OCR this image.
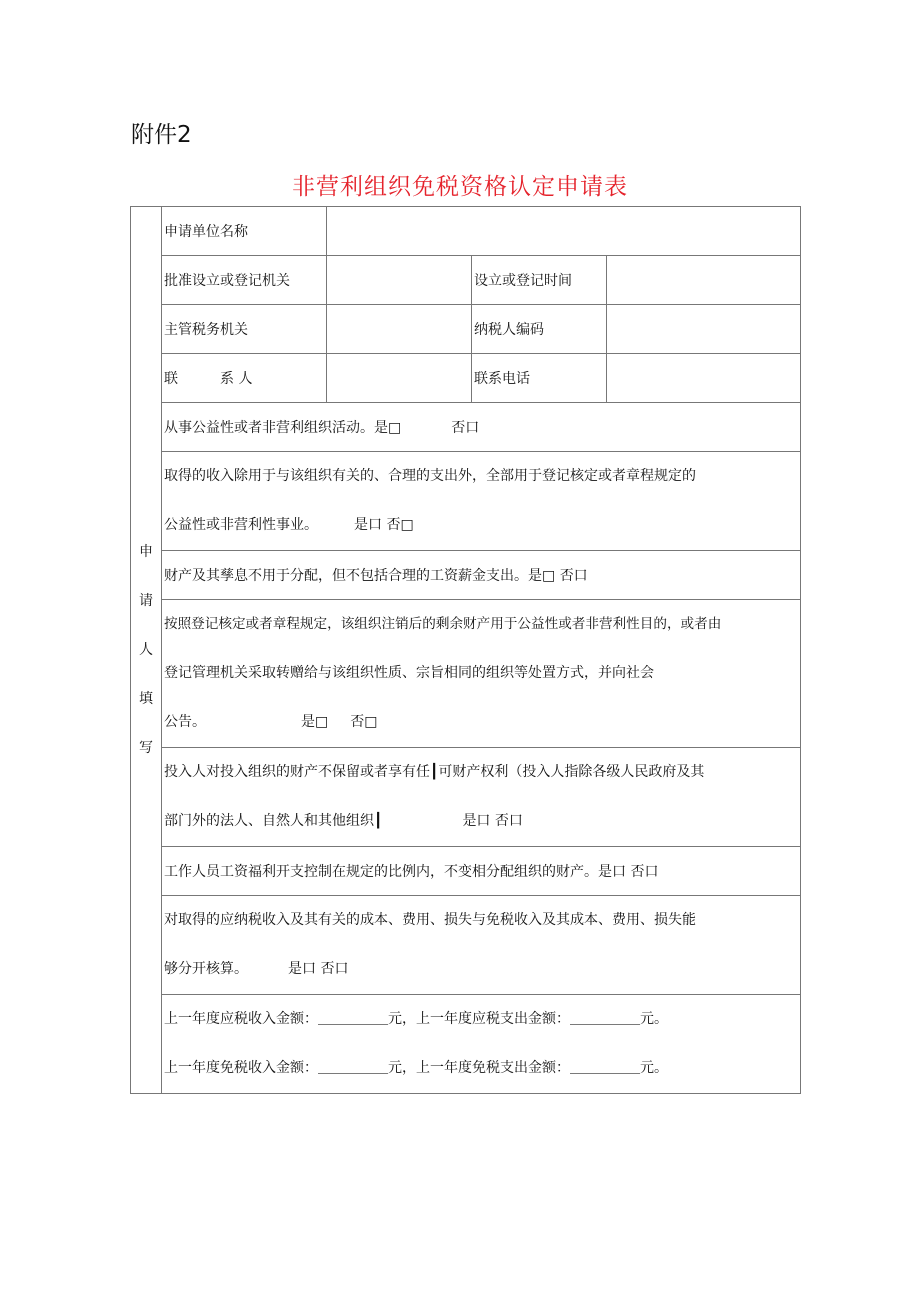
附件2
非营利组织免税资格认定申请表
申
请
人
填
写	申请单位名称			
	批准设立或登记机关		设立或登记时间	
	主管税务机关		纳税人编码	
	联　　　系 人		联系电话	
	从事公益性或者非营利组织活动。是□ 否口			

	取得的收入除用于与该组织有关的、合理的支出外，全部用于登记核定或者章程规定的
公益性或非营利性事业。 是口 否□			

	财产及其孳息不用于分配，但不包括合理的工资薪金支出。是□ 否口			

	按照登记核定或者章程规定，该组织注销后的剩余财产用于公益性或者非营利性目的，或者由
登记管理机关采取转赠给与该组织性质、宗旨相同的组织等处置方式，并向社会
公告。 是□ 否□			

	投入人对投入组织的财产不保留或者享有任┃可财产权利（投入人指除各级人民政府及其
部门外的法人、自然人和其他组织┃ 是口 否口			

	工作人员工资福利开支控制在规定的比例内，不变相分配组织的财产。是口 否口			

	对取得的应纳税收入及其有关的成本、费用、损失与免税收入及其成本、费用、损失能
够分开核算。 是口 否口			

	上一年度应税收入金额：＿＿＿＿＿元，上一年度应税支出金额：＿＿＿＿＿元。
上一年度免税收入金额：＿＿＿＿＿元，上一年度免税支出金额：＿＿＿＿＿元。			
